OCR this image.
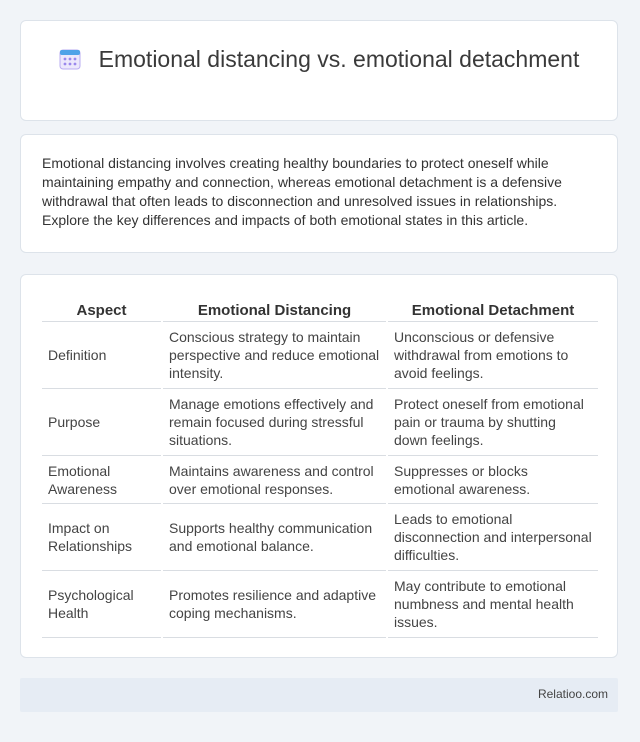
Emotional distancing vs. emotional detachment
Emotional distancing involves creating healthy boundaries to protect oneself while maintaining empathy and connection, whereas emotional detachment is a defensive withdrawal that often leads to disconnection and unresolved issues in relationships. Explore the key differences and impacts of both emotional states in this article.
Aspect	Emotional Distancing	Emotional Detachment
Definition	Conscious strategy to maintain perspective and reduce emotional intensity.	Unconscious or defensive withdrawal from emotions to avoid feelings.
Purpose	Manage emotions effectively and remain focused during stressful situations.	Protect oneself from emotional pain or trauma by shutting down feelings.
Emotional Awareness	Maintains awareness and control over emotional responses.	Suppresses or blocks emotional awareness.
Impact on Relationships	Supports healthy communication and emotional balance.	Leads to emotional disconnection and interpersonal difficulties.
Psychological Health	Promotes resilience and adaptive coping mechanisms.	May contribute to emotional numbness and mental health issues.
Relatioo.com
